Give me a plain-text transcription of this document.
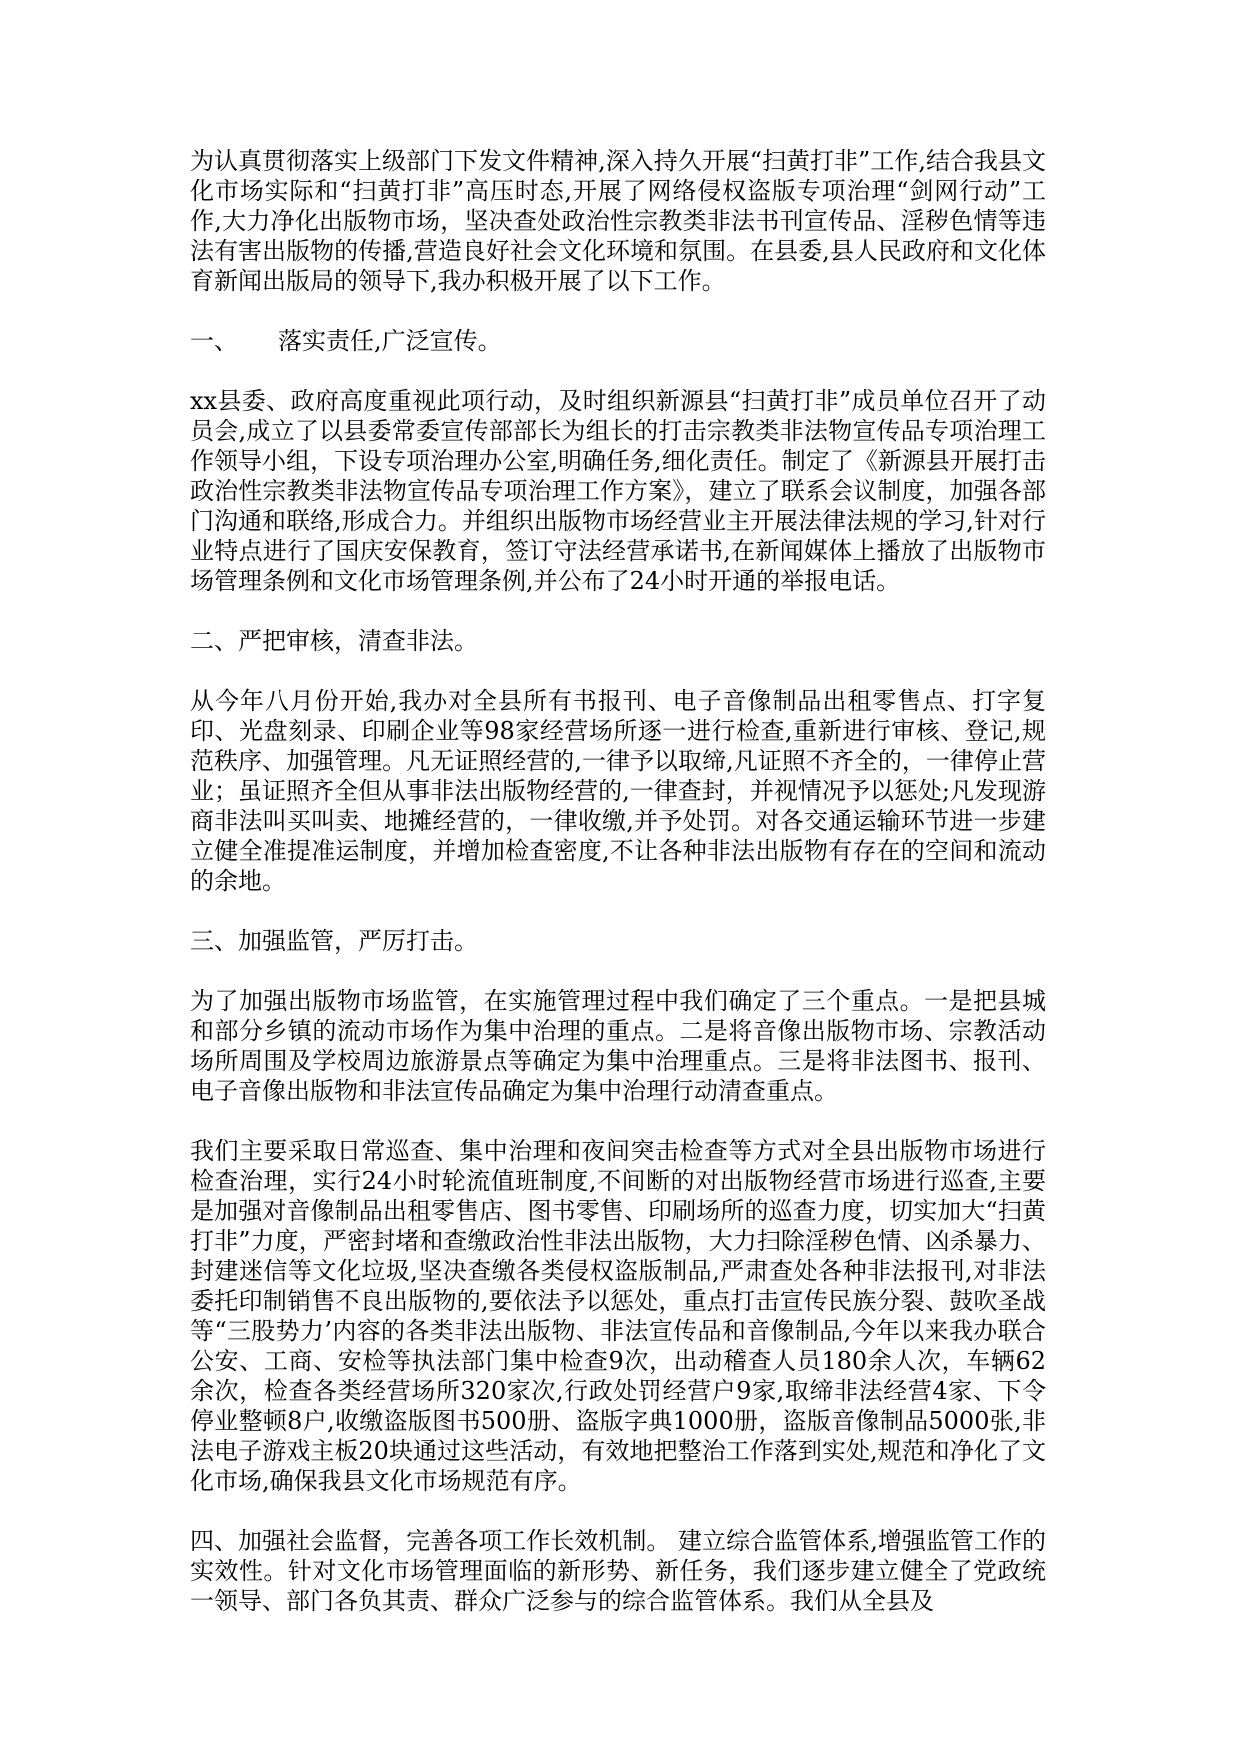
为认真贯彻落实上级部门下发文件精神,深入持久开展“扫黄打非”工作,结合我县文化市场实际和“扫黄打非”高压时态,开展了网络侵权盗版专项治理“剑网行动”工作,大力净化出版物市场，坚决查处政治性宗教类非法书刊宣传品、淫秽色情等违法有害出版物的传播,营造良好社会文化环境和氛围。在县委,县人民政府和文化体育新闻出版局的领导下,我办积极开展了以下工作。

一、 落实责任,广泛宣传。

xx县委、政府高度重视此项行动，及时组织新源县“扫黄打非”成员单位召开了动员会,成立了以县委常委宣传部部长为组长的打击宗教类非法物宣传品专项治理工作领导小组，下设专项治理办公室,明确任务,细化责任。制定了《新源县开展打击政治性宗教类非法物宣传品专项治理工作方案》，建立了联系会议制度，加强各部门沟通和联络,形成合力。并组织出版物市场经营业主开展法律法规的学习,针对行业特点进行了国庆安保教育，签订守法经营承诺书,在新闻媒体上播放了出版物市场管理条例和文化市场管理条例,并公布了24小时开通的举报电话。

二、严把审核，清查非法。

从今年八月份开始,我办对全县所有书报刊、电子音像制品出租零售点、打字复印、光盘刻录、印刷企业等98家经营场所逐一进行检查,重新进行审核、登记,规范秩序、加强管理。凡无证照经营的,一律予以取缔,凡证照不齐全的，一律停止营业；虽证照齐全但从事非法出版物经营的,一律查封，并视情况予以惩处;凡发现游商非法叫买叫卖、地摊经营的，一律收缴,并予处罚。对各交通运输环节进一步建立健全准提准运制度，并增加检查密度,不让各种非法出版物有存在的空间和流动的余地。

三、加强监管，严厉打击。

为了加强出版物市场监管，在实施管理过程中我们确定了三个重点。一是把县城和部分乡镇的流动市场作为集中治理的重点。二是将音像出版物市场、宗教活动场所周围及学校周边旅游景点等确定为集中治理重点。三是将非法图书、报刊、电子音像出版物和非法宣传品确定为集中治理行动清查重点。

我们主要采取日常巡查、集中治理和夜间突击检查等方式对全县出版物市场进行检查治理，实行24小时轮流值班制度,不间断的对出版物经营市场进行巡查,主要是加强对音像制品出租零售店、图书零售、印刷场所的巡查力度，切实加大“扫黄打非”力度，严密封堵和查缴政治性非法出版物，大力扫除淫秽色情、凶杀暴力、封建迷信等文化垃圾,坚决查缴各类侵权盗版制品,严肃查处各种非法报刊,对非法委托印制销售不良出版物的,要依法予以惩处，重点打击宣传民族分裂、鼓吹圣战等“三股势力’内容的各类非法出版物、非法宣传品和音像制品,今年以来我办联合公安、工商、安检等执法部门集中检查9次，出动稽查人员180余人次，车辆62余次，检查各类经营场所320家次,行政处罚经营户9家,取缔非法经营4家、下令停业整顿8户,收缴盗版图书500册、盗版字典1000册，盗版音像制品5000张,非法电子游戏主板20块通过这些活动，有效地把整治工作落到实处,规范和净化了文化市场,确保我县文化市场规范有序。

四、加强社会监督，完善各项工作长效机制。 建立综合监管体系,增强监管工作的实效性。针对文化市场管理面临的新形势、新任务，我们逐步建立健全了党政统一领导、部门各负其责、群众广泛参与的综合监管体系。我们从全县及
